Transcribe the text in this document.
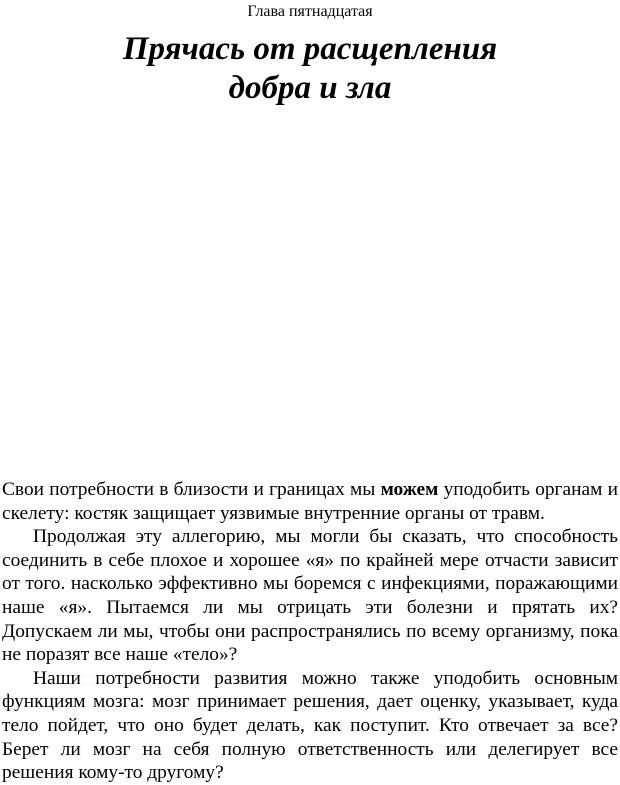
Глава пятнадцатая
Прячась от расщепления
добра и зла

Свои потребности в близости и границах мы можем уподобить органам и скелету: костяк защищает уязвимые внутренние органы от травм.

Продолжая эту аллегорию, мы могли бы сказать, что способность соединить в себе плохое и хорошее «я» по крайней мере отчасти зависит от того. насколько эффективно мы боремся с инфекциями, поражающими наше «я». Пытаемся ли мы отрицать эти болезни и прятать их? Допускаем ли мы, чтобы они распространялись по всему организму, пока не поразят все наше «тело»?

Наши потребности развития можно также уподобить основным функциям мозга: мозг принимает решения, дает оценку, указывает, куда тело пойдет, что оно будет делать, как поступит. Кто отвечает за все? Берет ли мозг на себя полную ответственность или делегирует все решения кому-то другому?
